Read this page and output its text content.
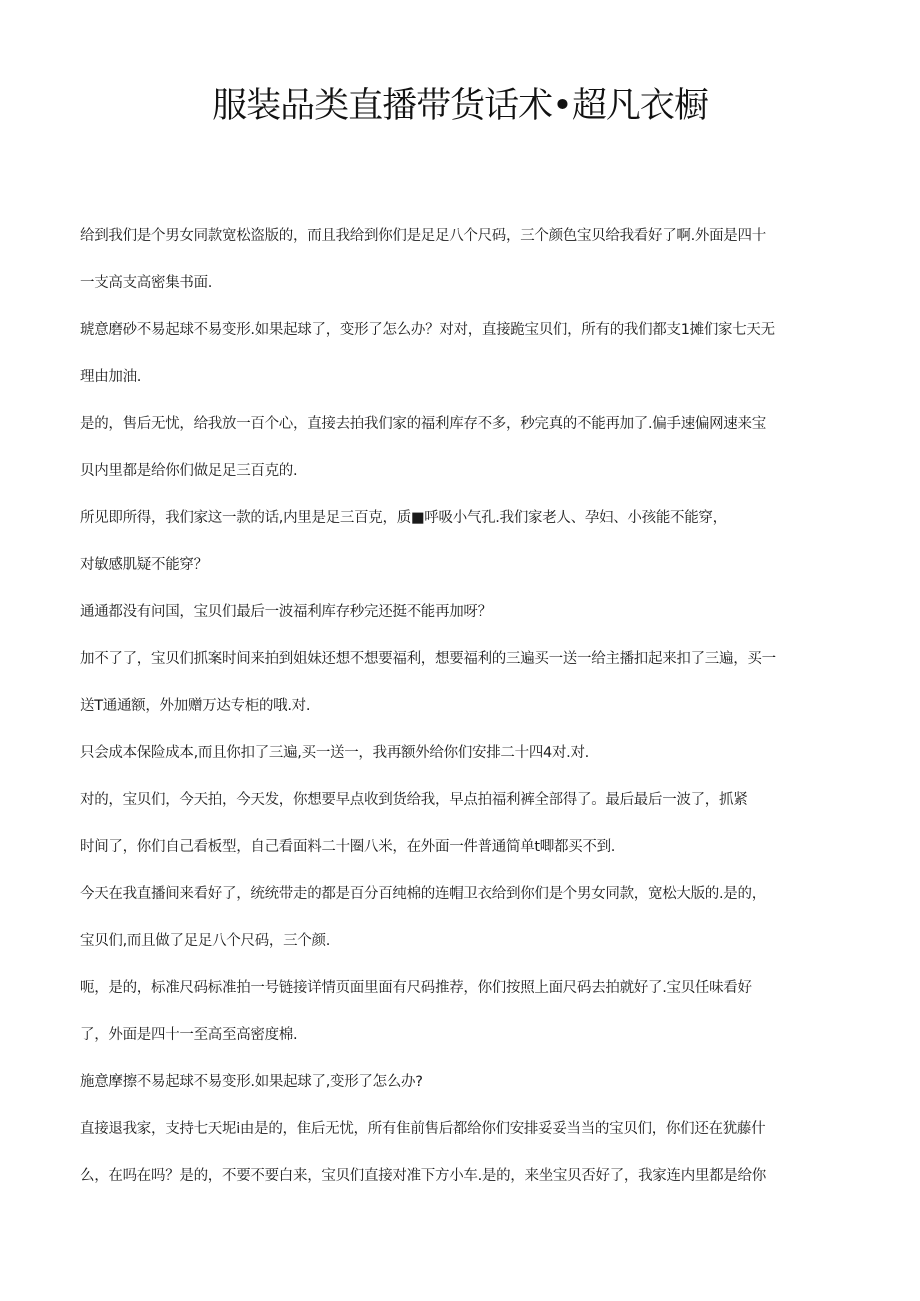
服装品类直播带货话术•超凡衣橱
给到我们是个男女同款宽松盗版的，而且我给到你们是足足八个尺码，三个颜色宝贝给我看好了啊.外面是四十
一支高支高密集书面.
琥意磨砂不易起球不易变形.如果起球了，变形了怎么办？对对，直接跪宝贝们，所有的我们都支1摊们家七天无
理由加油.
是的，售后无忧，给我放一百个心，直接去拍我们家的福利库存不多，秒完真的不能再加了.偏手速偏网速来宝
贝内里都是给你们做足足三百克的.
所见即所得，我们家这一款的话,内里是足三百克，质■呼吸小气孔.我们家老人、孕妇、小孩能不能穿，
对敏感肌疑不能穿？
通通都没有问国，宝贝们最后一波福利库存秒完还挺不能再加呀？
加不了了，宝贝们抓案时间来拍到姐妹还想不想要福利，想要福利的三遍买一送一给主播扣起来扣了三遍，买一
送T通通额，外加赠万达专柜的哦.对.
只会成本保险成本,而且你扣了三遍,买一送一，我再额外给你们安排二十四4对.对.
对的，宝贝们，今天拍，今天发，你想要早点收到货给我，早点拍福利裤全部得了。最后最后一波了，抓紧
时间了，你们自己看板型，自己看面料二十圈八米，在外面一件普通简单t唧都买不到.
今天在我直播间来看好了，统统带走的都是百分百纯棉的连帽卫衣给到你们是个男女同款，宽松大版的.是的，
宝贝们,而且做了足足八个尺码，三个颜.
呃，是的，标准尺码标准拍一号链接详情页面里面有尺码推荐，你们按照上面尺码去拍就好了.宝贝任味看好
了，外面是四十一至高至高密度棉.
施意摩擦不易起球不易变形.如果起球了,变形了怎么办?
直接退我家，支持七天坭i由是的，隹后无忧，所有隹前售后都给你们安排妥妥当当的宝贝们，你们还在犹藤什
么，在吗在吗？是的，不要不要白来，宝贝们直接对准下方小车.是的，来坐宝贝否好了，我家连内里都是给你
